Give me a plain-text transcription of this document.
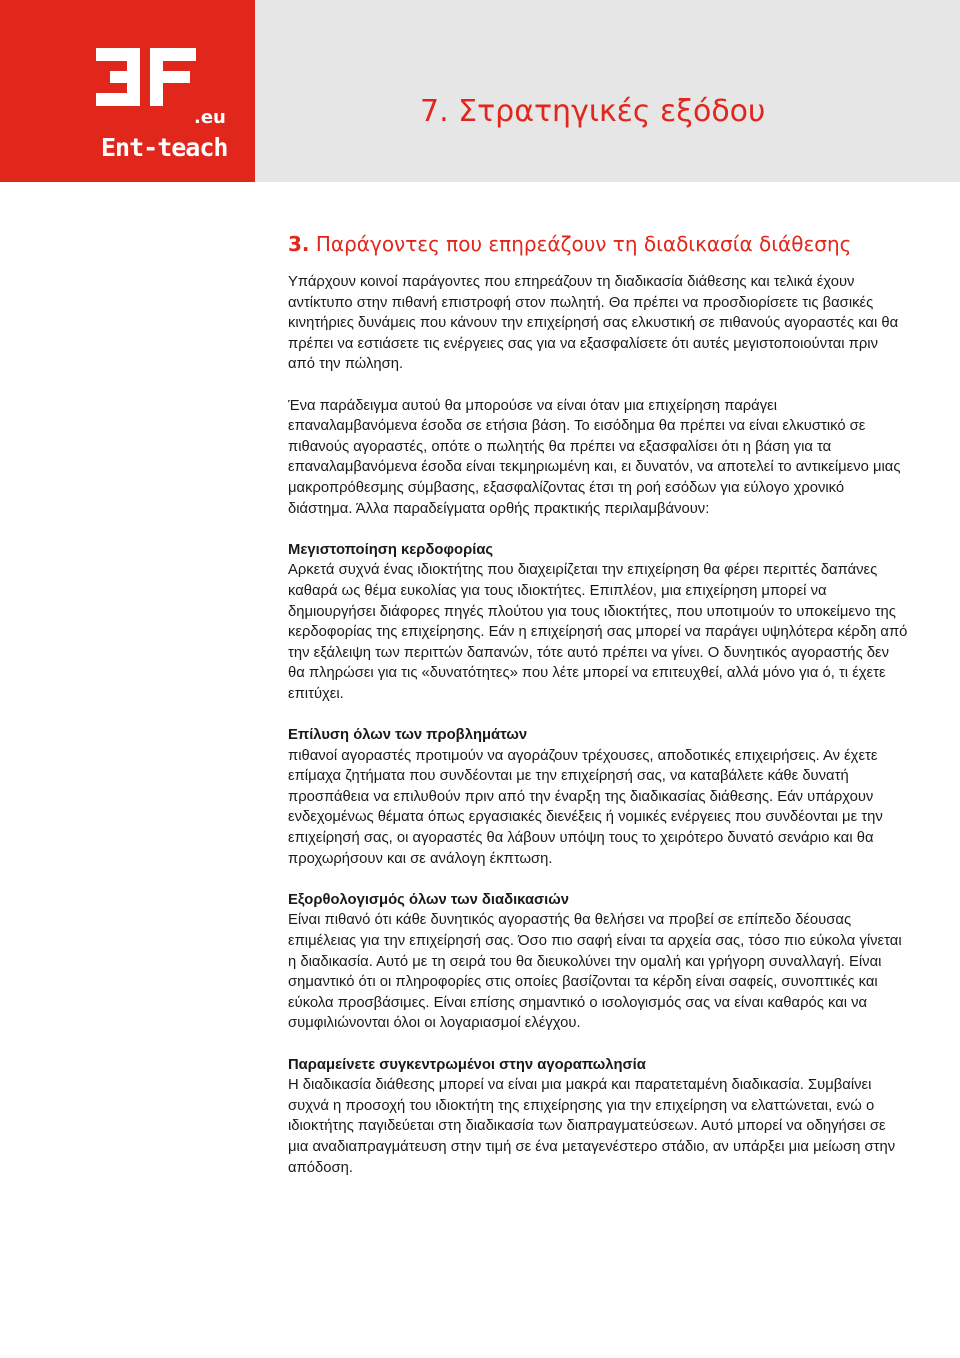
.eu
Ent-teach
7. Στρατηγικές εξόδου
3. Παράγοντες που επηρεάζουν τη διαδικασία διάθεσης

Υπάρχουν κοινοί παράγοντες που επηρεάζουν τη διαδικασία διάθεσης και τελικά έχουν αντίκτυπο στην πιθανή επιστροφή στον πωλητή. Θα πρέπει να προσδιορίσετε τις βασικές κινητήριες δυνάμεις που κάνουν την επιχείρησή σας ελκυστική σε πιθανούς αγοραστές και θα πρέπει να εστιάσετε τις ενέργειες σας για να εξασφαλίσετε ότι αυτές μεγιστοποιούνται πριν από την πώληση.

Ένα παράδειγμα αυτού θα μπορούσε να είναι όταν μια επιχείρηση παράγει επαναλαμβανόμενα έσοδα σε ετήσια βάση. Το εισόδημα θα πρέπει να είναι ελκυστικό σε πιθανούς αγοραστές, οπότε ο πωλητής θα πρέπει να εξασφαλίσει ότι η βάση για τα επαναλαμβανόμενα έσοδα είναι τεκμηριωμένη και, ει δυνατόν, να αποτελεί το αντικείμενο μιας μακροπρόθεσμης σύμβασης, εξασφαλίζοντας έτσι τη ροή εσόδων για εύλογο χρονικό διάστημα. Άλλα παραδείγματα ορθής πρακτικής περιλαμβάνουν:

Μεγιστοποίηση κερδοφορίας

Αρκετά συχνά ένας ιδιοκτήτης που διαχειρίζεται την επιχείρηση θα φέρει περιττές δαπάνες καθαρά ως θέμα ευκολίας για τους ιδιοκτήτες. Επιπλέον, μια επιχείρηση μπορεί να δημιουργήσει διάφορες πηγές πλούτου για τους ιδιοκτήτες, που υποτιμούν το υποκείμενο της κερδοφορίας της επιχείρησης. Εάν η επιχείρησή σας μπορεί να παράγει υψηλότερα κέρδη από την εξάλειψη των περιττών δαπανών, τότε αυτό πρέπει να γίνει. Ο δυνητικός αγοραστής δεν θα πληρώσει για τις «δυνατότητες» που λέτε μπορεί να επιτευχθεί, αλλά μόνο για ό, τι έχετε επιτύχει.

Επίλυση όλων των προβλημάτων

πιθανοί αγοραστές προτιμούν να αγοράζουν τρέχουσες, αποδοτικές επιχειρήσεις. Αν έχετε επίμαχα ζητήματα που συνδέονται με την επιχείρησή σας, να καταβάλετε κάθε δυνατή προσπάθεια να επιλυθούν πριν από την έναρξη της διαδικασίας διάθεσης. Εάν υπάρχουν ενδεχομένως θέματα όπως εργασιακές διενέξεις ή νομικές ενέργειες που συνδέονται με την επιχείρησή σας, οι αγοραστές θα λάβουν υπόψη τους το χειρότερο δυνατό σενάριο και θα προχωρήσουν και σε ανάλογη έκπτωση.

Εξορθολογισμός όλων των διαδικασιών

Είναι πιθανό ότι κάθε δυνητικός αγοραστής θα θελήσει να προβεί σε επίπεδο δέουσας επιμέλειας για την επιχείρησή σας. Όσο πιο σαφή είναι τα αρχεία σας, τόσο πιο εύκολα γίνεται η διαδικασία. Αυτό με τη σειρά του θα διευκολύνει την ομαλή και γρήγορη συναλλαγή. Είναι σημαντικό ότι οι πληροφορίες στις οποίες βασίζονται τα κέρδη είναι σαφείς, συνοπτικές και εύκολα προσβάσιμες. Είναι επίσης σημαντικό ο ισολογισμός σας να είναι καθαρός και να συμφιλιώνονται όλοι οι λογαριασμοί ελέγχου.

Παραμείνετε συγκεντρωμένοι στην αγοραπωλησία

Η διαδικασία διάθεσης μπορεί να είναι μια μακρά και παρατεταμένη διαδικασία. Συμβαίνει συχνά η προσοχή του ιδιοκτήτη της επιχείρησης για την επιχείρηση να ελαττώνεται, ενώ ο ιδιοκτήτης παγιδεύεται στη διαδικασία των διαπραγματεύσεων. Αυτό μπορεί να οδηγήσει σε μια αναδιαπραγμάτευση στην τιμή σε ένα μεταγενέστερο στάδιο, αν υπάρξει μια μείωση στην απόδοση.
